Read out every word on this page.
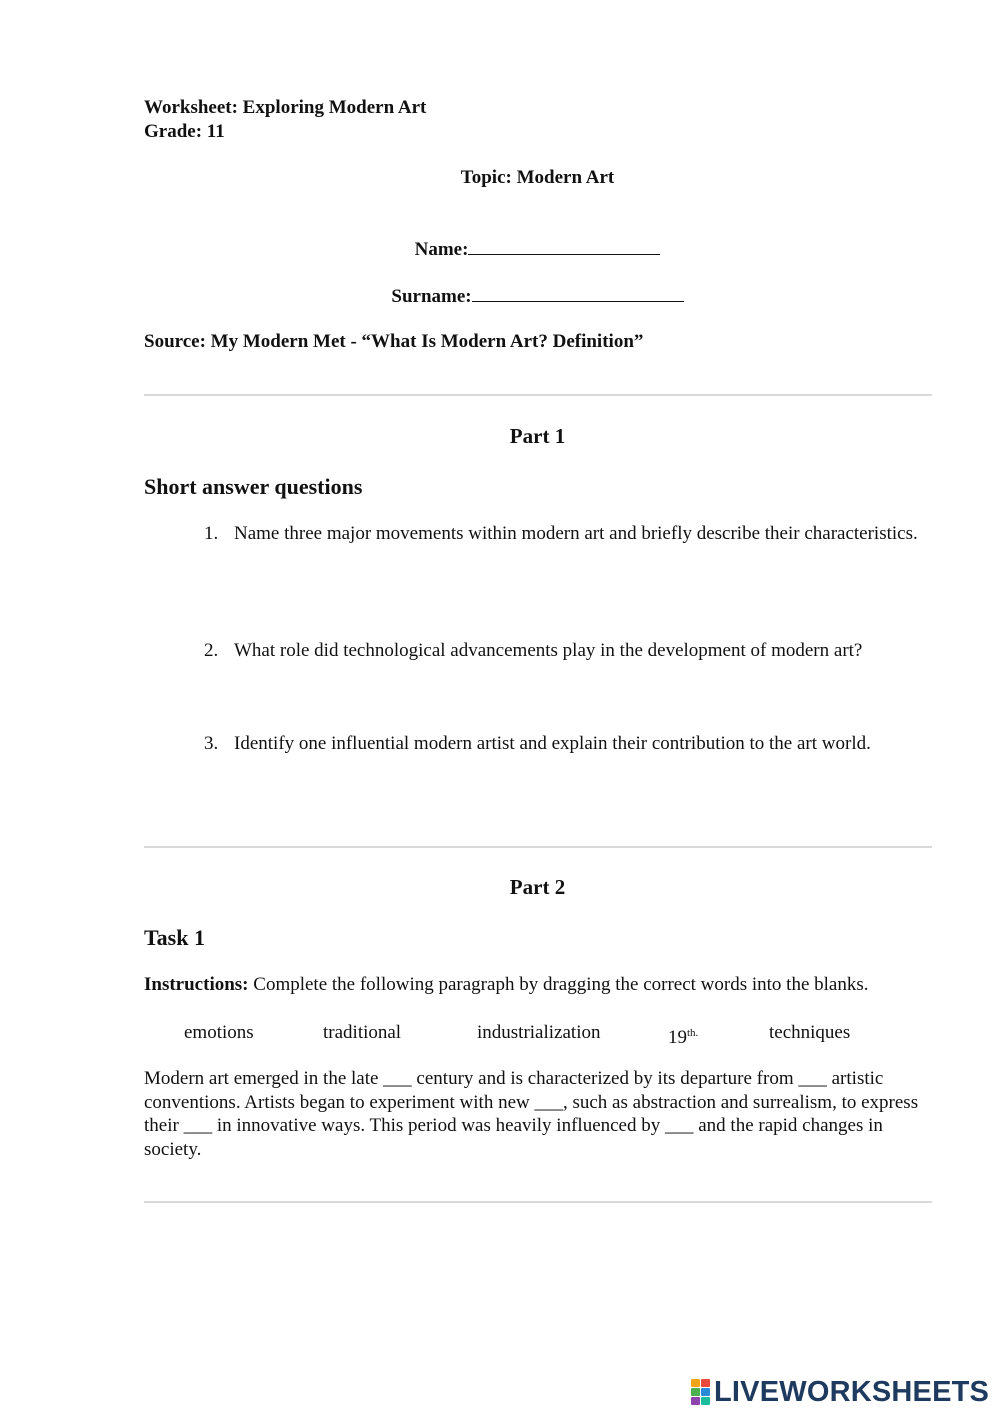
Worksheet: Exploring Modern Art
Grade: 11
Topic: Modern Art
Name:
Surname:
Source: My Modern Met - “What Is Modern Art? Definition”
Part 1
Short answer questions
1. Name three major movements within modern art and briefly describe their characteristics.
2. What role did technological advancements play in the development of modern art?
3. Identify one influential modern artist and explain their contribution to the art world.
Part 2
Task 1
Instructions: Complete the following paragraph by dragging the correct words into the blanks.
emotions	traditional	industrialization	$19^{th.}$	techniques
Modern art emerged in the late ___ century and is characterized by its departure from ___ artistic conventions. Artists began to experiment with new ___, such as abstraction and surrealism, to express their ___ in innovative ways. This period was heavily influenced by ___ and the rapid changes in society.
LIVEWORKSHEETS
